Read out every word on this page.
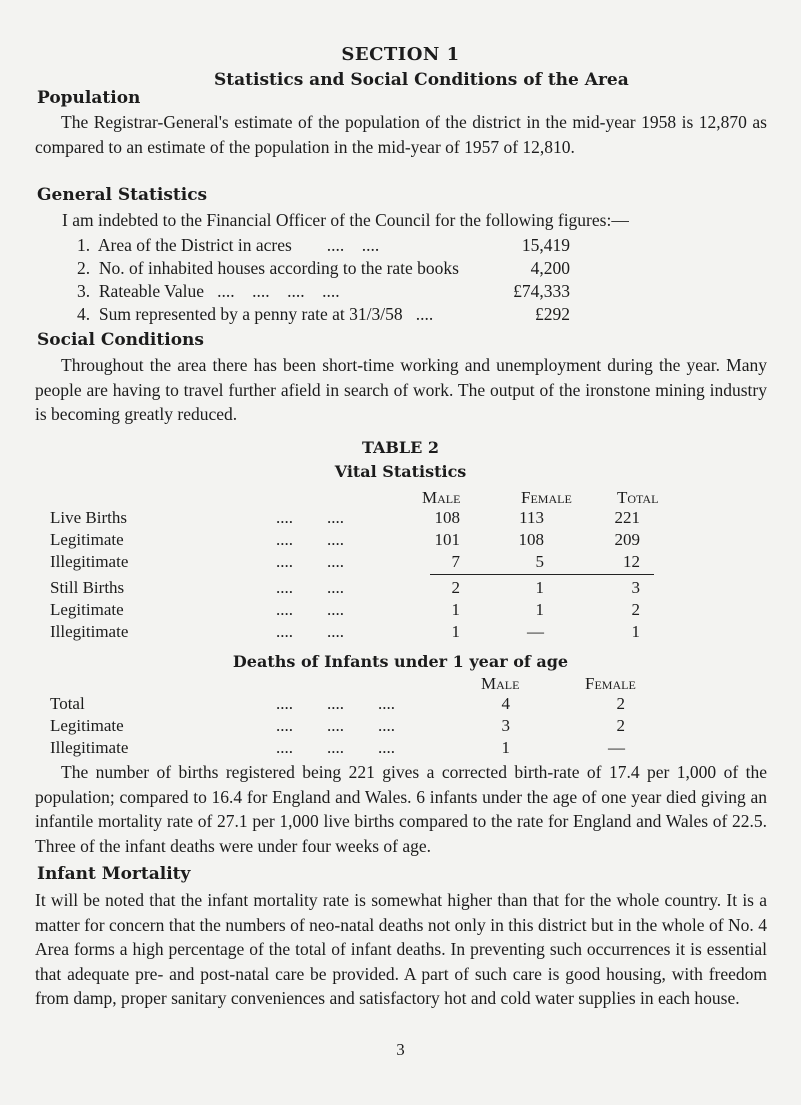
SECTION 1
Statistics and Social Conditions of the Area
Population
The Registrar-General's estimate of the population of the district in the mid-year 1958 is 12,870 as compared to an estimate of the population in the mid-year of 1957 of 12,810.
General Statistics
I am indebted to the Financial Officer of the Council for the following figures:—
1.  Area of the District in acres        ....    ....	15,419
2.  No. of inhabited houses according to the rate books	4,200
3.  Rateable Value   ....    ....    ....    ....	£74,333
4.  Sum represented by a penny rate at 31/3/58   ....	£292
Social Conditions
Throughout the area there has been short-time working and unemployment during the year. Many people are having to travel further afield in search of work. The output of the ironstone mining industry is becoming greatly reduced.
TABLE 2
Vital Statistics
Male	Female	Total
Live Births	....        ....	108	113	221
Legitimate	....        ....	101	108	209
Illegitimate	....        ....	7	5	12
Still Births	....        ....	2	1	3
Legitimate	....        ....	1	1	2
Illegitimate	....        ....	1	—	1
Deaths of Infants under 1 year of age
Male	Female
Total	....        ....        ....	4	2
Legitimate	....        ....        ....	3	2
Illegitimate	....        ....        ....	1	—
The number of births registered being 221 gives a corrected birth-rate of 17.4 per 1,000 of the population; compared to 16.4 for England and Wales. 6 infants under the age of one year died giving an infantile mortality rate of 27.1 per 1,000 live births compared to the rate for England and Wales of 22.5. Three of the infant deaths were under four weeks of age.
Infant Mortality
It will be noted that the infant mortality rate is somewhat higher than that for the whole country. It is a matter for concern that the numbers of neo-natal deaths not only in this district but in the whole of No. 4 Area forms a high percentage of the total of infant deaths. In preventing such occurrences it is essential that adequate pre- and post-natal care be provided. A part of such care is good housing, with freedom from damp, proper sanitary conveniences and satisfactory hot and cold water supplies in each house.
3
